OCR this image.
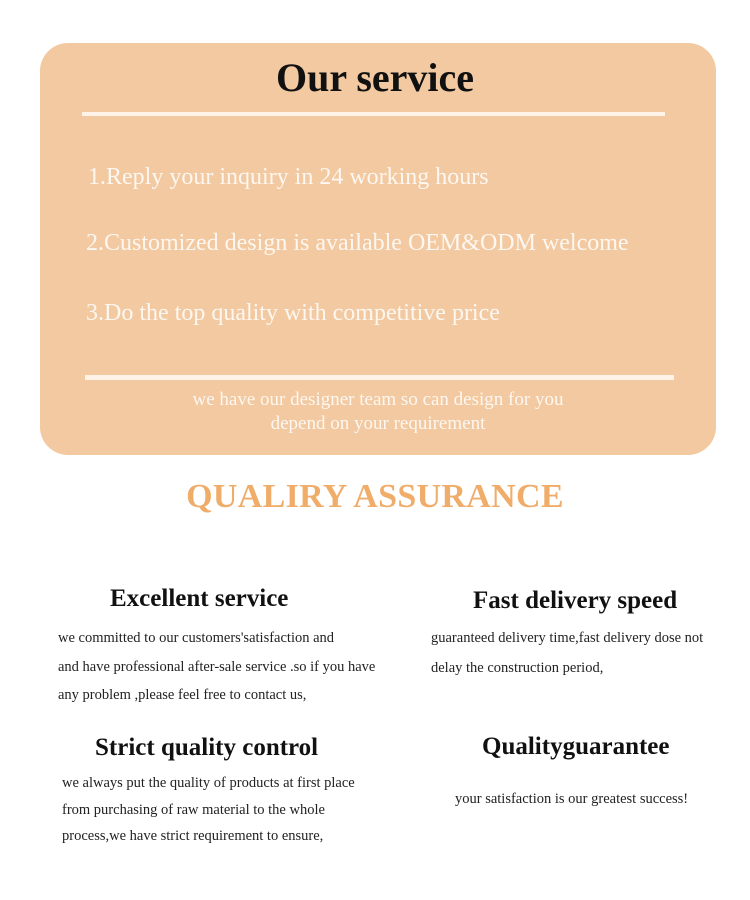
Our service
1.Reply your inquiry in 24 working hours
2.Customized design is available OEM&ODM welcome
3.Do the top quality with competitive price
we have our designer team so can design for you
depend on your requirement
QUALIRY ASSURANCE
Excellent service
we committed to our customers'satisfaction and
and have professional after-sale service .so if you have
any problem ,please feel free to contact us,
Fast delivery speed
guaranteed delivery time,fast delivery dose not
delay the construction period,
Strict quality control
we always put the quality of products at first place
from purchasing of raw material to the whole
process,we have strict requirement to ensure,
Qualityguarantee
your satisfaction is our greatest success!
